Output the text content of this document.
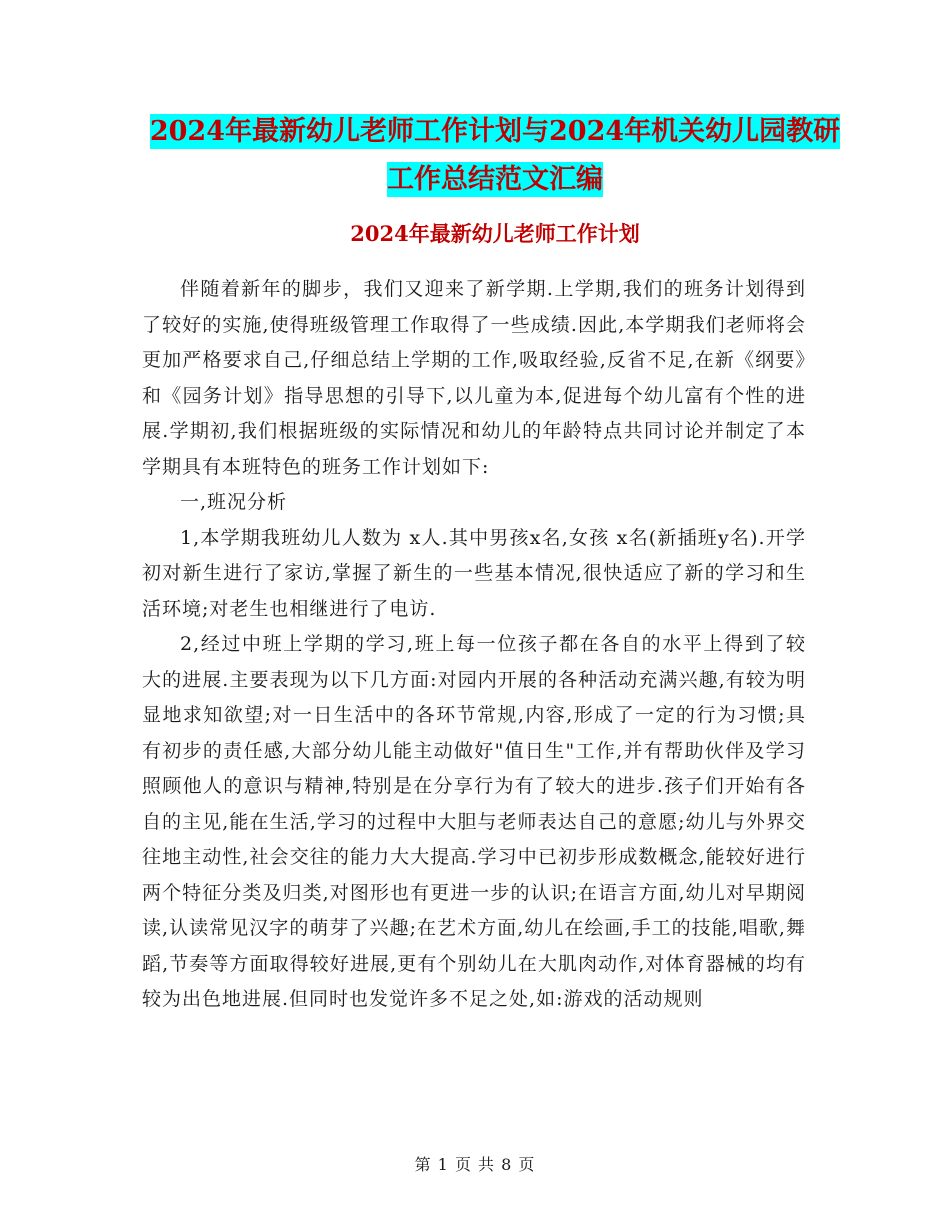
2024年最新幼儿老师工作计划与2024年机关幼儿园教研工作总结范文汇编
2024年最新幼儿老师工作计划

伴随着新年的脚步，我们又迎来了新学期.上学期,我们的班务计划得到了较好的实施,使得班级管理工作取得了一些成绩.因此,本学期我们老师将会更加严格要求自己,仔细总结上学期的工作,吸取经验,反省不足,在新《纲要》和《园务计划》指导思想的引导下,以儿童为本,促进每个幼儿富有个性的进展.学期初,我们根据班级的实际情况和幼儿的年龄特点共同讨论并制定了本学期具有本班特色的班务工作计划如下:

一,班况分析

1,本学期我班幼儿人数为 x人.其中男孩x名,女孩 x名(新插班y名).开学初对新生进行了家访,掌握了新生的一些基本情况,很快适应了新的学习和生活环境;对老生也相继进行了电访.

2,经过中班上学期的学习,班上每一位孩子都在各自的水平上得到了较大的进展.主要表现为以下几方面:对园内开展的各种活动充满兴趣,有较为明显地求知欲望;对一日生活中的各环节常规,内容,形成了一定的行为习惯;具有初步的责任感,大部分幼儿能主动做好"值日生"工作,并有帮助伙伴及学习照顾他人的意识与精神,特别是在分享行为有了较大的进步.孩子们开始有各自的主见,能在生活,学习的过程中大胆与老师表达自己的意愿;幼儿与外界交往地主动性,社会交往的能力大大提高.学习中已初步形成数概念,能较好进行两个特征分类及归类,对图形也有更进一步的认识;在语言方面,幼儿对早期阅读,认读常见汉字的萌芽了兴趣;在艺术方面,幼儿在绘画,手工的技能,唱歌,舞蹈,节奏等方面取得较好进展,更有个别幼儿在大肌肉动作,对体育器械的均有较为出色地进展.但同时也发觉许多不足之处,如:游戏的活动规则

第 1 页 共 8 页
